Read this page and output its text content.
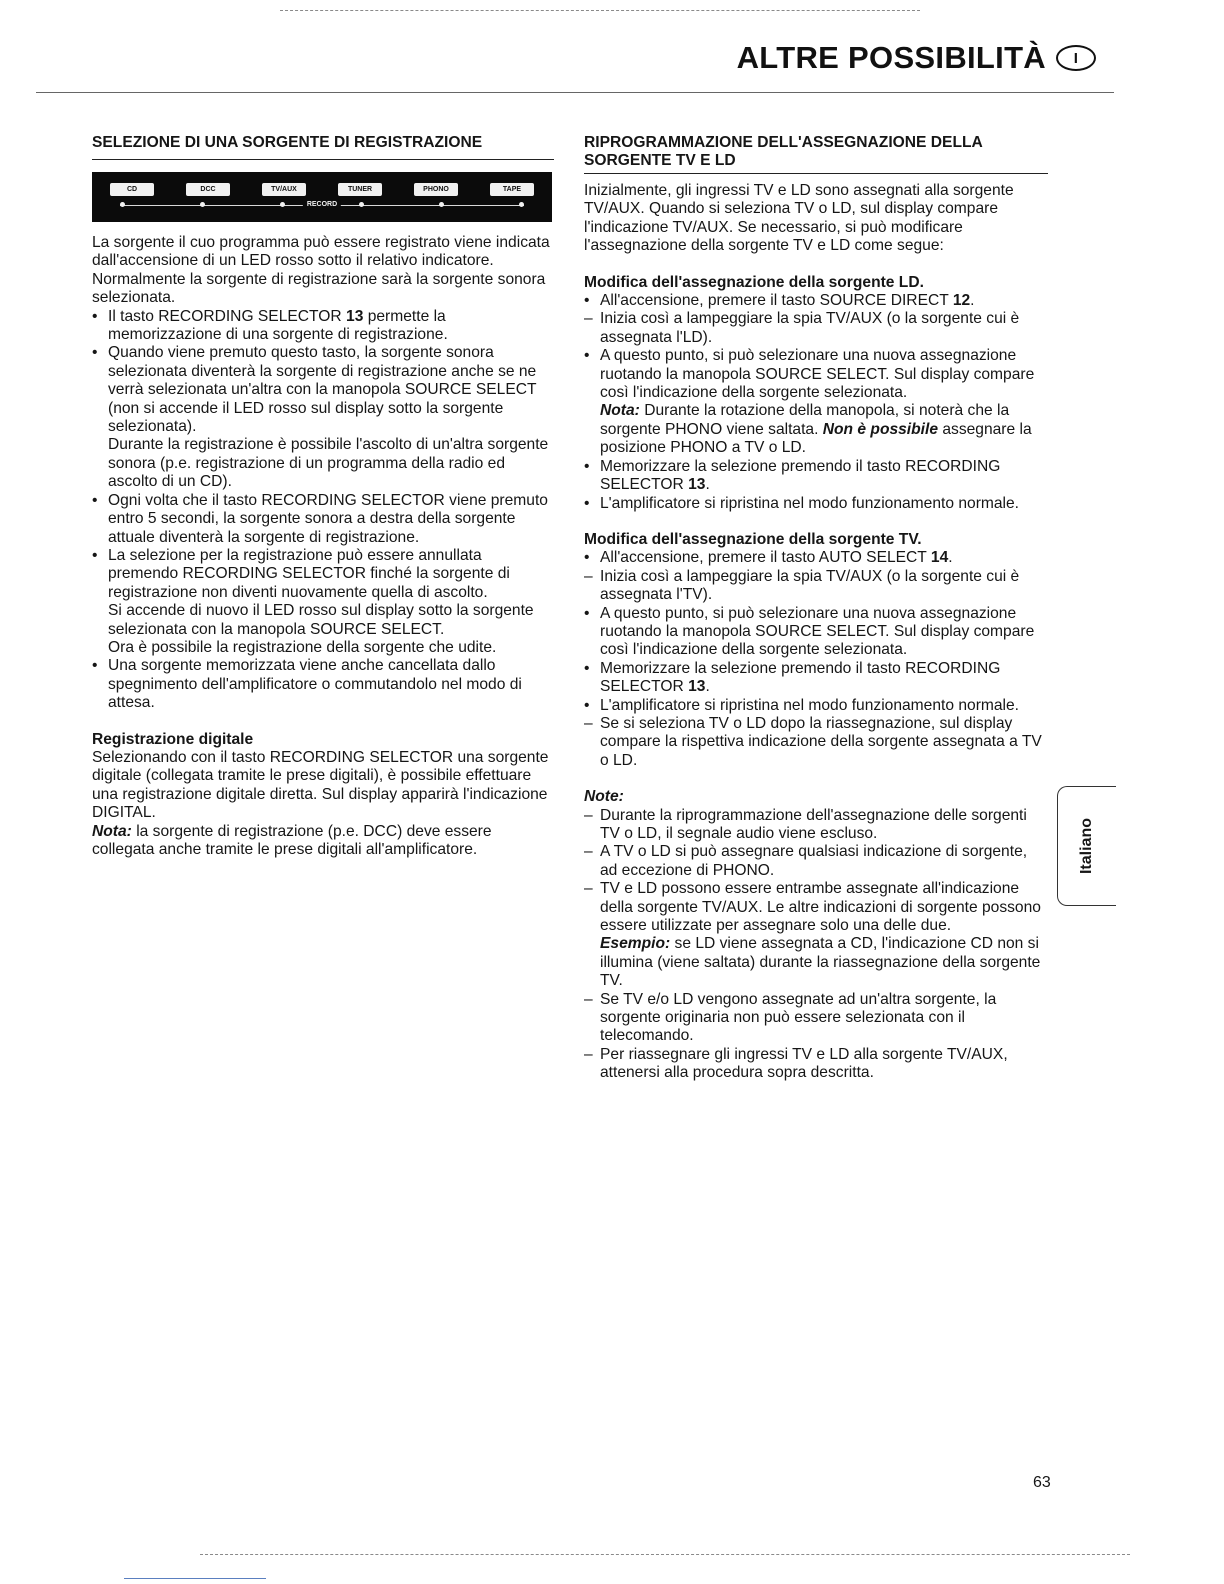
ALTRE POSSIBILITÀ	I
SELEZIONE DI UNA SORGENTE DI REGISTRAZIONE
CD	DCC	TV/AUX	TUNER	PHONO	TAPE
RECORD

La sorgente il cuo programma può essere registrato viene indicata dall'accensione di un LED rosso sotto il relativo indicatore. Normalmente la sorgente di registrazione sarà la sorgente sonora selezionata.

• Il tasto RECORDING SELECTOR 13 permette la memorizzazione di una sorgente di registrazione.
• Quando viene premuto questo tasto, la sorgente sonora selezionata diventerà la sorgente di registrazione anche se ne verrà selezionata un'altra con la manopola SOURCE SELECT (non si accende il LED rosso sul display sotto la sorgente selezionata).
Durante la registrazione è possibile l'ascolto di un'altra sorgente sonora (p.e. registrazione di un programma della radio ed ascolto di un CD).
• Ogni volta che il tasto RECORDING SELECTOR viene premuto entro 5 secondi, la sorgente sonora a destra della sorgente attuale diventerà la sorgente di registrazione.
• La selezione per la registrazione può essere annullata premendo RECORDING SELECTOR finché la sorgente di registrazione non diventi nuovamente quella di ascolto.
Si accende di nuovo il LED rosso sul display sotto la sorgente selezionata con la manopola SOURCE SELECT.
Ora è possibile la registrazione della sorgente che udite.
• Una sorgente memorizzata viene anche cancellata dallo spegnimento dell'amplificatore o commutandolo nel modo di attesa.
Registrazione digitale

Selezionando con il tasto RECORDING SELECTOR una sorgente digitale (collegata tramite le prese digitali), è possibile effettuare una registrazione digitale diretta. Sul display apparirà l'indicazione DIGITAL.

Nota: la sorgente di registrazione (p.e. DCC) deve essere collegata anche tramite le prese digitali all'amplificatore.

RIPROGRAMMAZIONE DELL'ASSEGNAZIONE DELLA SORGENTE TV E LD

Inizialmente, gli ingressi TV e LD sono assegnati alla sorgente TV/AUX. Quando si seleziona TV o LD, sul display compare l'indicazione TV/AUX. Se necessario, si può modificare l'assegnazione della sorgente TV e LD come segue:

Modifica dell'assegnazione della sorgente LD.
• All'accensione, premere il tasto SOURCE DIRECT 12.
– Inizia così a lampeggiare la spia TV/AUX (o la sorgente cui è assegnata l'LD).
• A questo punto, si può selezionare una nuova assegnazione ruotando la manopola SOURCE SELECT. Sul display compare così l'indicazione della sorgente selezionata.
Nota: Durante la rotazione della manopola, si noterà che la sorgente PHONO viene saltata. Non è possibile assegnare la posizione PHONO a TV o LD.
• Memorizzare la selezione premendo il tasto RECORDING SELECTOR 13.
• L'amplificatore si ripristina nel modo funzionamento normale.
Modifica dell'assegnazione della sorgente TV.
• All'accensione, premere il tasto AUTO SELECT 14.
– Inizia così a lampeggiare la spia TV/AUX (o la sorgente cui è assegnata l'TV).
• A questo punto, si può selezionare una nuova assegnazione ruotando la manopola SOURCE SELECT. Sul display compare così l'indicazione della sorgente selezionata.
• Memorizzare la selezione premendo il tasto RECORDING SELECTOR 13.
• L'amplificatore si ripristina nel modo funzionamento normale.
– Se si seleziona TV o LD dopo la riassegnazione, sul display compare la rispettiva indicazione della sorgente assegnata a TV o LD.
Note:
– Durante la riprogrammazione dell'assegnazione delle sorgenti TV o LD, il segnale audio viene escluso.
– A TV o LD si può assegnare qualsiasi indicazione di sorgente, ad eccezione di PHONO.
– TV e LD possono essere entrambe assegnate all'indicazione della sorgente TV/AUX. Le altre indicazioni di sorgente possono essere utilizzate per assegnare solo una delle due.
Esempio: se LD viene assegnata a CD, l'indicazione CD non si illumina (viene saltata) durante la riassegnazione della sorgente TV.
– Se TV e/o LD vengono assegnate ad un'altra sorgente, la sorgente originaria non può essere selezionata con il telecomando.
– Per riassegnare gli ingressi TV e LD alla sorgente TV/AUX, attenersi alla procedura sopra descritta.
Italiano
63
